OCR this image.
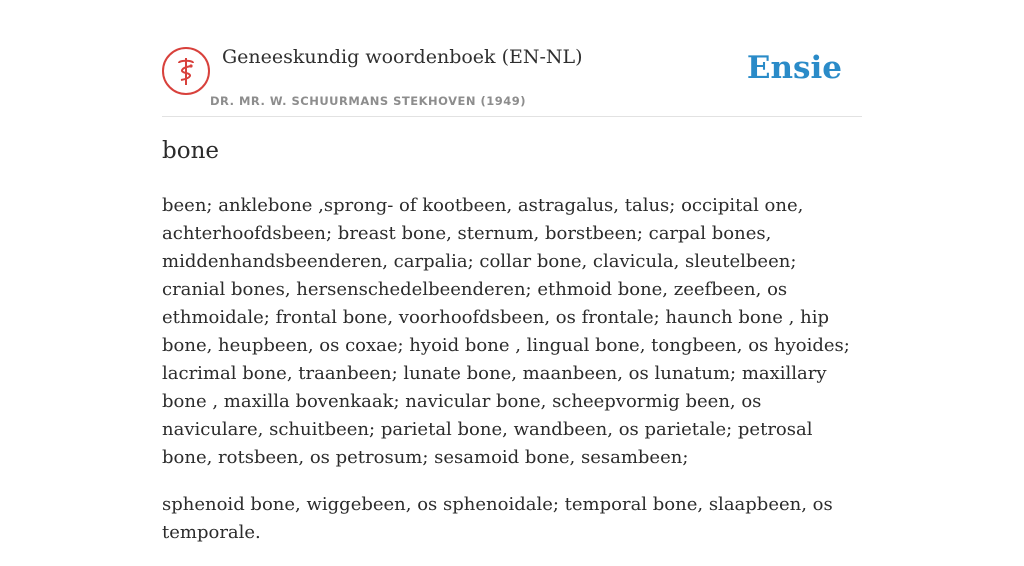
Geneeskundig woordenboek (EN-NL)
DR. MR. W. SCHUURMANS STEKHOVEN (1949)
Ensie
bone

been; anklebone ,sprong- of kootbeen, astragalus, talus; occipital one, achterhoofdsbeen; breast bone, sternum, borstbeen; carpal bones, middenhandsbeenderen, carpalia; collar bone, clavicula, sleutelbeen; cranial bones, hersenschedelbeenderen; ethmoid bone, zeefbeen, os ethmoidale; frontal bone, voorhoofdsbeen, os frontale; haunch bone , hip bone, heupbeen, os coxae; hyoid bone , lingual bone, tongbeen, os hyoides; lacrimal bone, traanbeen; lunate bone, maanbeen, os lunatum; maxillary bone , maxilla bovenkaak; navicular bone, scheepvormig been, os naviculare, schuitbeen; parietal bone, wandbeen, os parietale; petrosal bone, rotsbeen, os petrosum; sesamoid bone, sesambeen;

sphenoid bone, wiggebeen, os sphenoidale; temporal bone, slaapbeen, os temporale.
